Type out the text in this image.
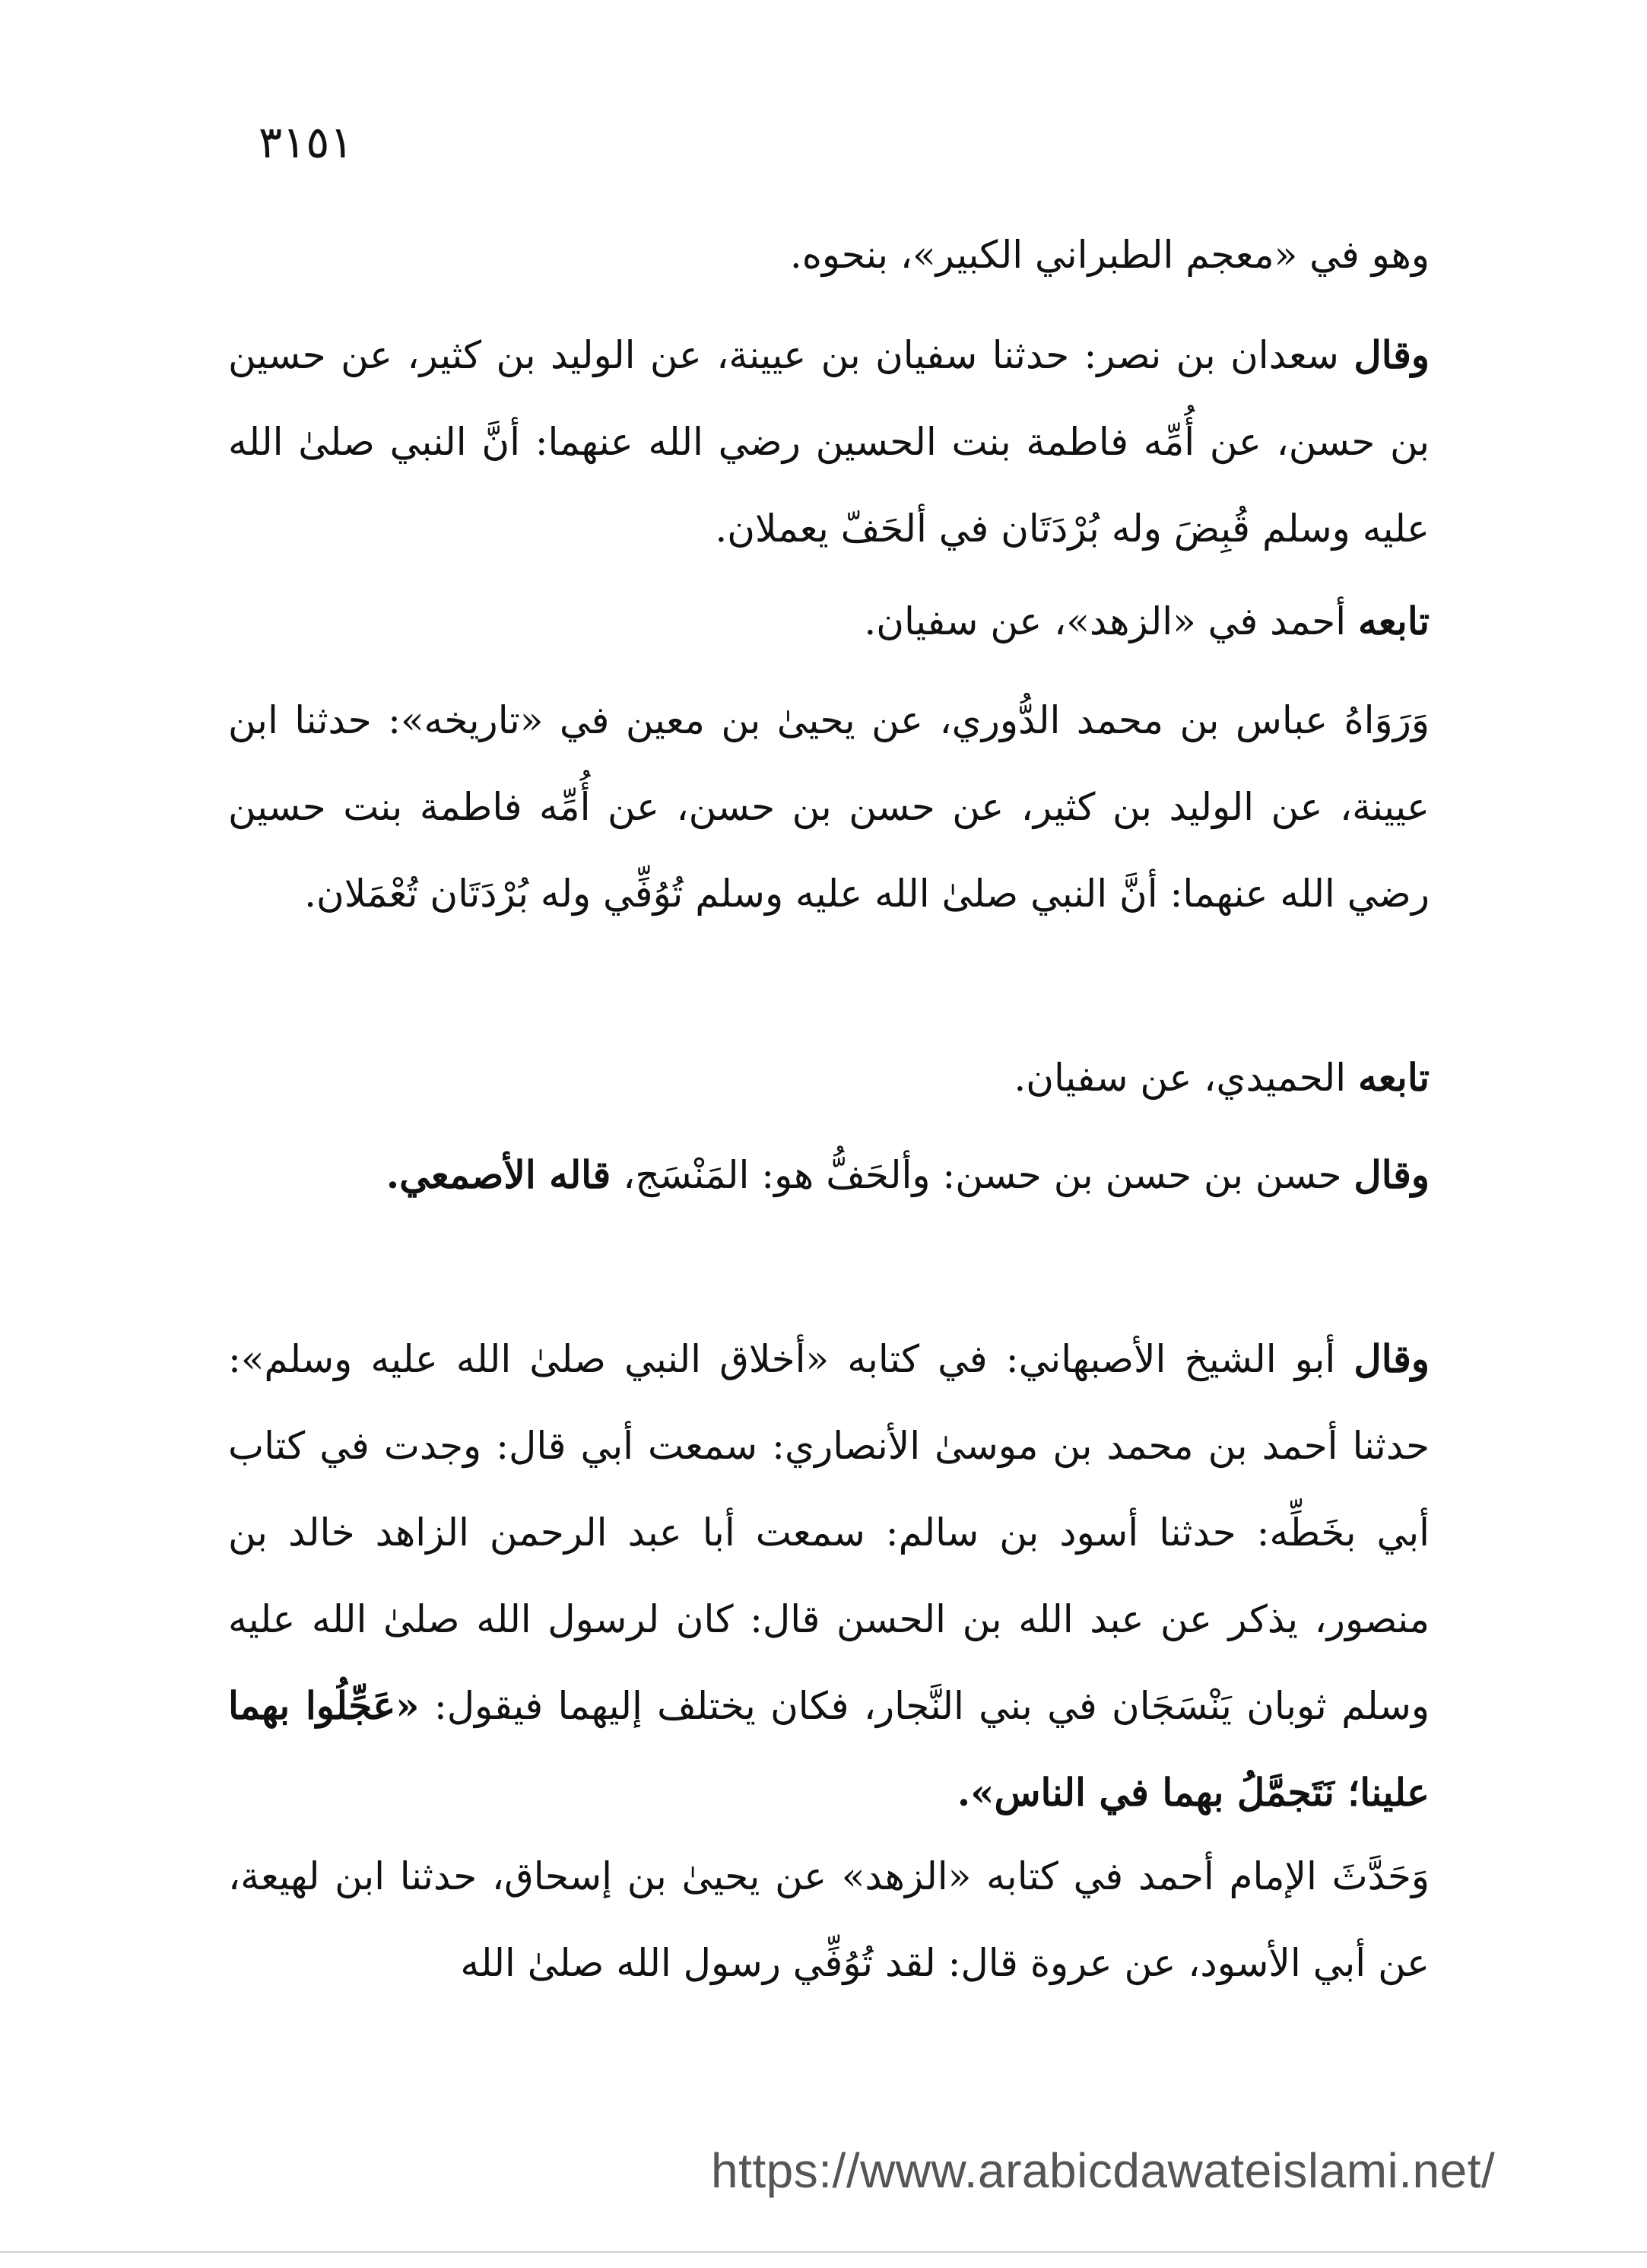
٣١٥١
وهو في «معجم الطبراني الكبير»، بنحوه.
وقال سعدان بن نصر: حدثنا سفيان بن عيينة، عن الوليد بن كثير، عن حسين بن حسن، عن أُمِّه فاطمة بنت الحسين رضي الله عنهما: أنَّ النبي صلىٰ الله عليه وسلم قُبِضَ وله بُرْدَتَان في ألحَفّ يعملان.
تابعه أحمد في «الزهد»، عن سفيان.
وَرَوَاهُ عباس بن محمد الدُّوري، عن يحيىٰ بن معين في «تاريخه»: حدثنا ابن عيينة، عن الوليد بن كثير، عن حسن بن حسن، عن أُمِّه فاطمة بنت حسين رضي الله عنهما: أنَّ النبي صلىٰ الله عليه وسلم تُوُفِّي وله بُرْدَتَان تُعْمَلان.
تابعه الحميدي، عن سفيان.
وقال حسن بن حسن بن حسن: وألحَفُّ هو: المَنْسَج، قاله الأصمعي.
وقال أبو الشيخ الأصبهاني: في كتابه «أخلاق النبي صلىٰ الله عليه وسلم»: حدثنا أحمد بن محمد بن موسىٰ الأنصاري: سمعت أبي قال: وجدت في كتاب أبي بخَطِّه: حدثنا أسود بن سالم: سمعت أبا عبد الرحمن الزاهد خالد بن منصور، يذكر عن عبد الله بن الحسن قال: كان لرسول الله صلىٰ الله عليه وسلم ثوبان يَنْسَجَان في بني النَّجار، فكان يختلف إليهما فيقول: «عَجِّلُوا بهما علينا؛ نَتَجمَّلُ بهما في الناس».
وَحَدَّثَ الإمام أحمد في كتابه «الزهد» عن يحيىٰ بن إسحاق، حدثنا ابن لهيعة، عن أبي الأسود، عن عروة قال: لقد تُوُفِّي رسول الله صلىٰ الله
https://www.arabicdawateislami.net/
